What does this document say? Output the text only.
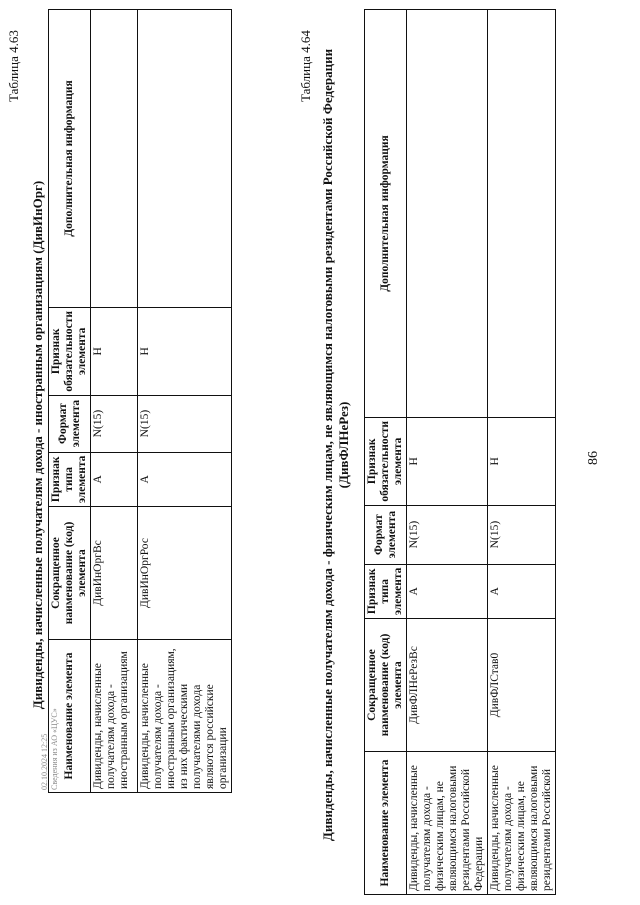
86
Таблица 4.63
Дивиденды, начисленные получателям дохода - иностранным организациям (ДивИнОрг)
Наименование элемента	Сокращенное наименование (код) элемента	Признак типа элемента	Формат элемента	Признак обязательности элемента	Дополнительная информация
Дивиденды, начисленные получателям дохода - иностранным организациям	ДивИнОргВс	А	N(15)	Н	
Дивиденды, начисленные получателям дохода - иностранным организациям, из них фактическими получателями дохода являются российские организации	ДивИнОргРос	А	N(15)	Н	
Таблица 4.64 Дивиденды, начисленные получателям дохода - физическим лицам, не являющимся налоговыми резидентами Российской Федерации (ДивФЛНеРез)
Наименование элемента	Сокращенное наименование (код) элемента	Признак типа элемента	Формат элемента	Признак обязательности элемента	Дополнительная информация
Дивиденды, начисленные получателям дохода - физическим лицам, не являющимся налоговыми резидентами Российской Федерации	ДивФЛНеРезВс	А	N(15)	Н	
Дивиденды, начисленные получателям дохода - физическим лицам, не являющимся налоговыми резидентами Российской	ДивФЛСтав0	А	N(15)	Н	
02.10.2024 12:25 Сведения из АО «ЦУС»
